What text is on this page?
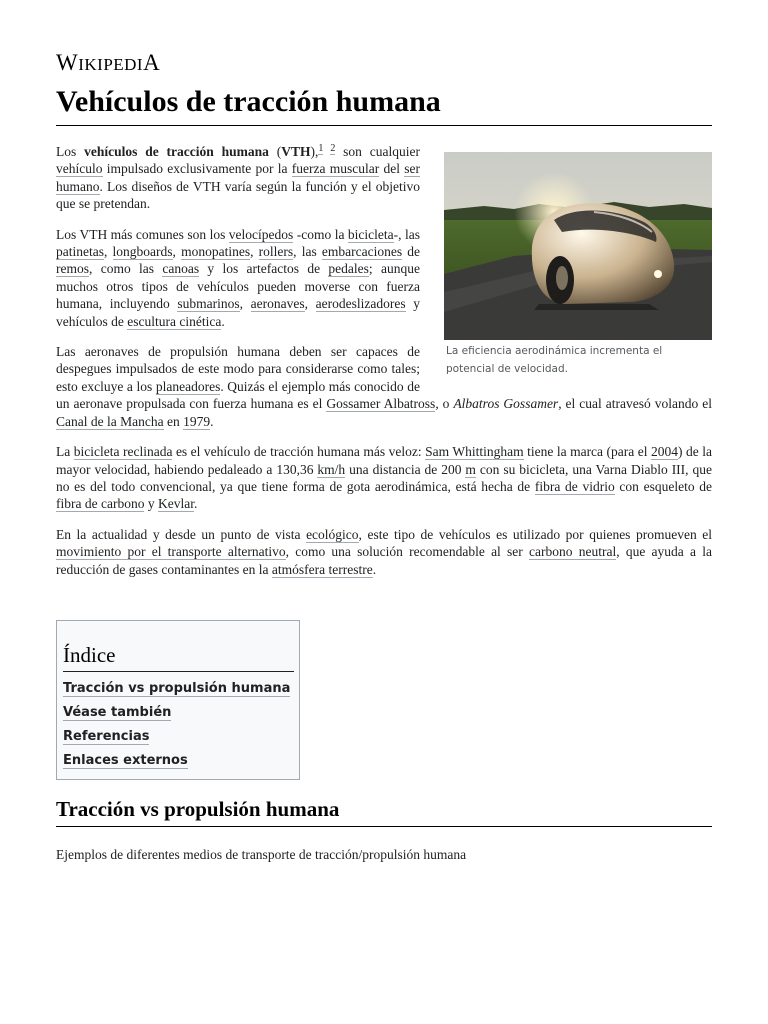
WIKIPEDIA
Vehículos de tracción humana
La eficiencia aerodinámica incrementa el potencial de velocidad.

Los vehículos de tracción humana (VTH),$^{1 2}$ son cualquier vehículo impulsado exclusivamente por la fuerza muscular del ser humano. Los diseños de VTH varía según la función y el objetivo que se pretendan.

Los VTH más comunes son los velocípedos -como la bicicleta-, las patinetas, longboards, monopatines, rollers, las embarcaciones de remos, como las canoas y los artefactos de pedales; aunque muchos otros tipos de vehículos pueden moverse con fuerza humana, incluyendo submarinos, aeronaves, aerodeslizadores y vehículos de escultura cinética.

Las aeronaves de propulsión humana deben ser capaces de despegues impulsados de este modo para considerarse como tales; esto excluye a los planeadores. Quizás el ejemplo más conocido de un aeronave propulsada con fuerza humana es el Gossamer Albatross, o Albatros Gossamer, el cual atravesó volando el Canal de la Mancha en 1979.

La bicicleta reclinada es el vehículo de tracción humana más veloz: Sam Whittingham tiene la marca (para el 2004) de la mayor velocidad, habiendo pedaleado a 130,36 km/h una distancia de 200 m con su bicicleta, una Varna Diablo III, que no es del todo convencional, ya que tiene forma de gota aerodinámica, está hecha de fibra de vidrio con esqueleto de fibra de carbono y Kevlar.

En la actualidad y desde un punto de vista ecológico, este tipo de vehículos es utilizado por quienes promueven el movimiento por el transporte alternativo, como una solución recomendable al ser carbono neutral, que ayuda a la reducción de gases contaminantes en la atmósfera terrestre.

Índice
Tracción vs propulsión humana
Véase también
Referencias
Enlaces externos
Tracción vs propulsión humana
Ejemplos de diferentes medios de transporte de tracción/propulsión humana
